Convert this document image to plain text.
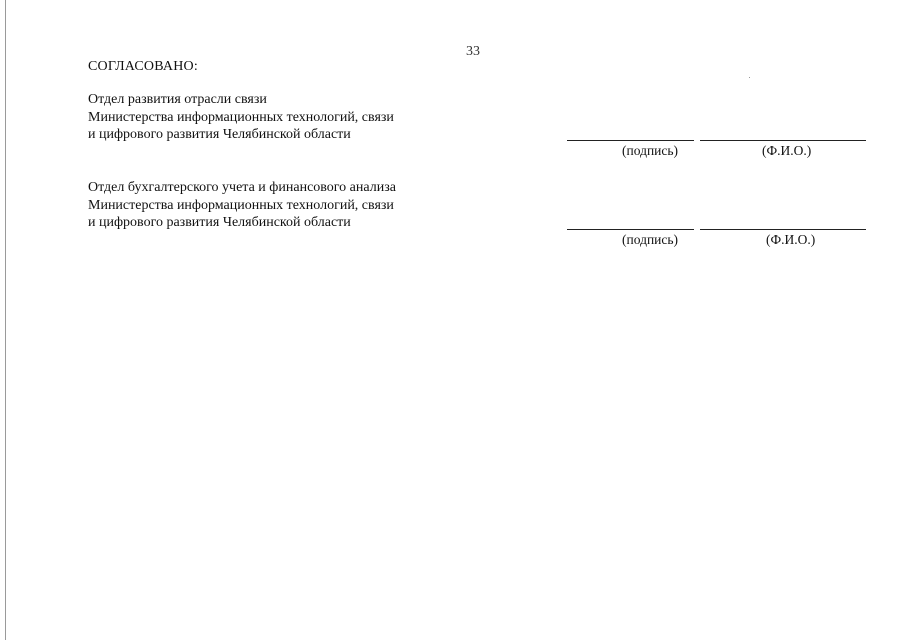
33
СОГЛАСОВАНО:
Отдел развития отрасли связи
Министерства информационных технологий, связи
и цифрового развития Челябинской области
(подпись)	(Ф.И.О.)
Отдел бухгалтерского учета и финансового анализа
Министерства информационных технологий, связи
и цифрового развития Челябинской области
(подпись)	(Ф.И.О.)
